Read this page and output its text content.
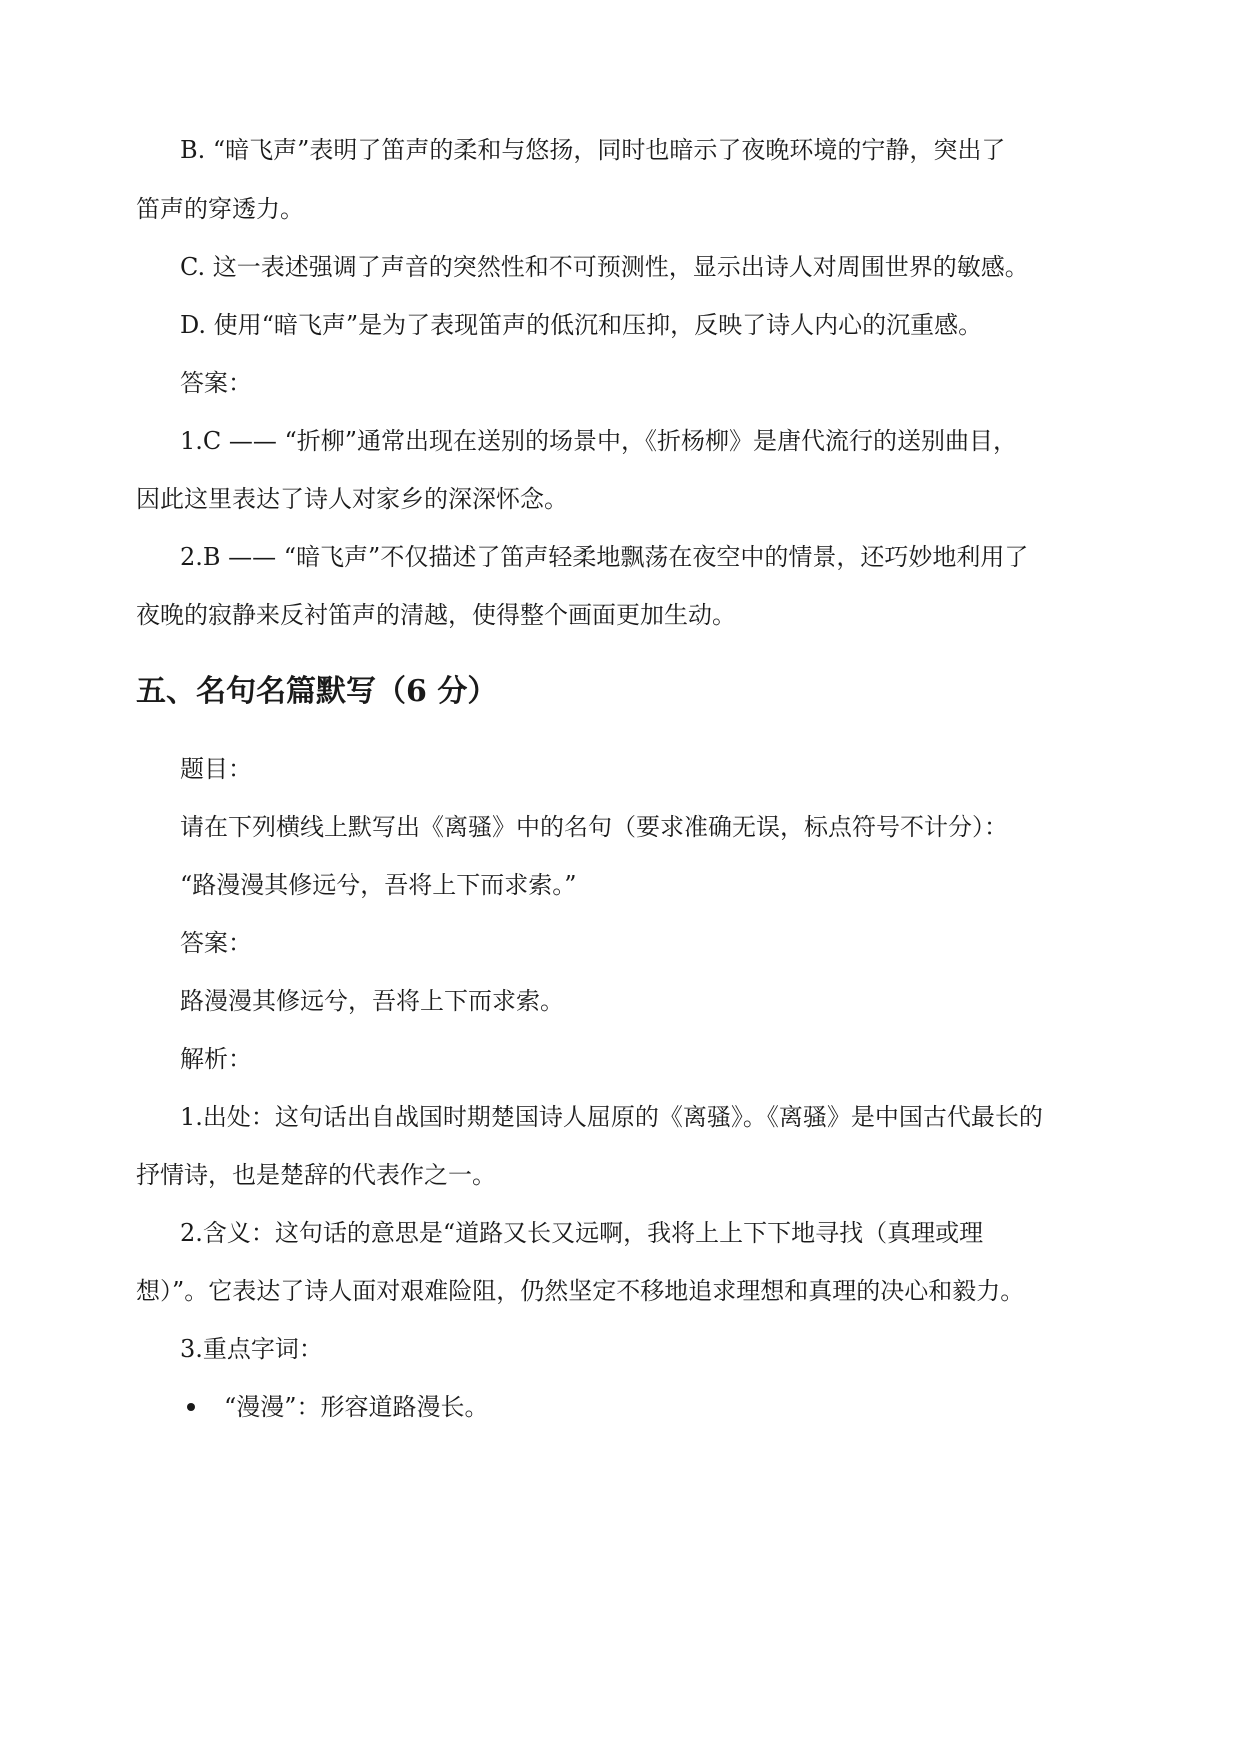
B. “暗飞声”表明了笛声的柔和与悠扬，同时也暗示了夜晚环境的宁静，突出了
笛声的穿透力。
C. 这一表述强调了声音的突然性和不可预测性，显示出诗人对周围世界的敏感。
D. 使用“暗飞声”是为了表现笛声的低沉和压抑，反映了诗人内心的沉重感。
答案：
1.C —— “折柳”通常出现在送别的场景中，《折杨柳》是唐代流行的送别曲目，
因此这里表达了诗人对家乡的深深怀念。
2.B —— “暗飞声”不仅描述了笛声轻柔地飘荡在夜空中的情景，还巧妙地利用了
夜晚的寂静来反衬笛声的清越，使得整个画面更加生动。
五、名句名篇默写（6 分）
题目：
请在下列横线上默写出《离骚》中的名句（要求准确无误，标点符号不计分）：
“路漫漫其修远兮，吾将上下而求索。”
答案：
路漫漫其修远兮，吾将上下而求索。
解析：
1.出处：这句话出自战国时期楚国诗人屈原的《离骚》。《离骚》是中国古代最长的
抒情诗，也是楚辞的代表作之一。
2.含义：这句话的意思是“道路又长又远啊，我将上上下下地寻找（真理或理
想）”。它表达了诗人面对艰难险阻，仍然坚定不移地追求理想和真理的决心和毅力。
3.重点字词：
“漫漫”：形容道路漫长。
